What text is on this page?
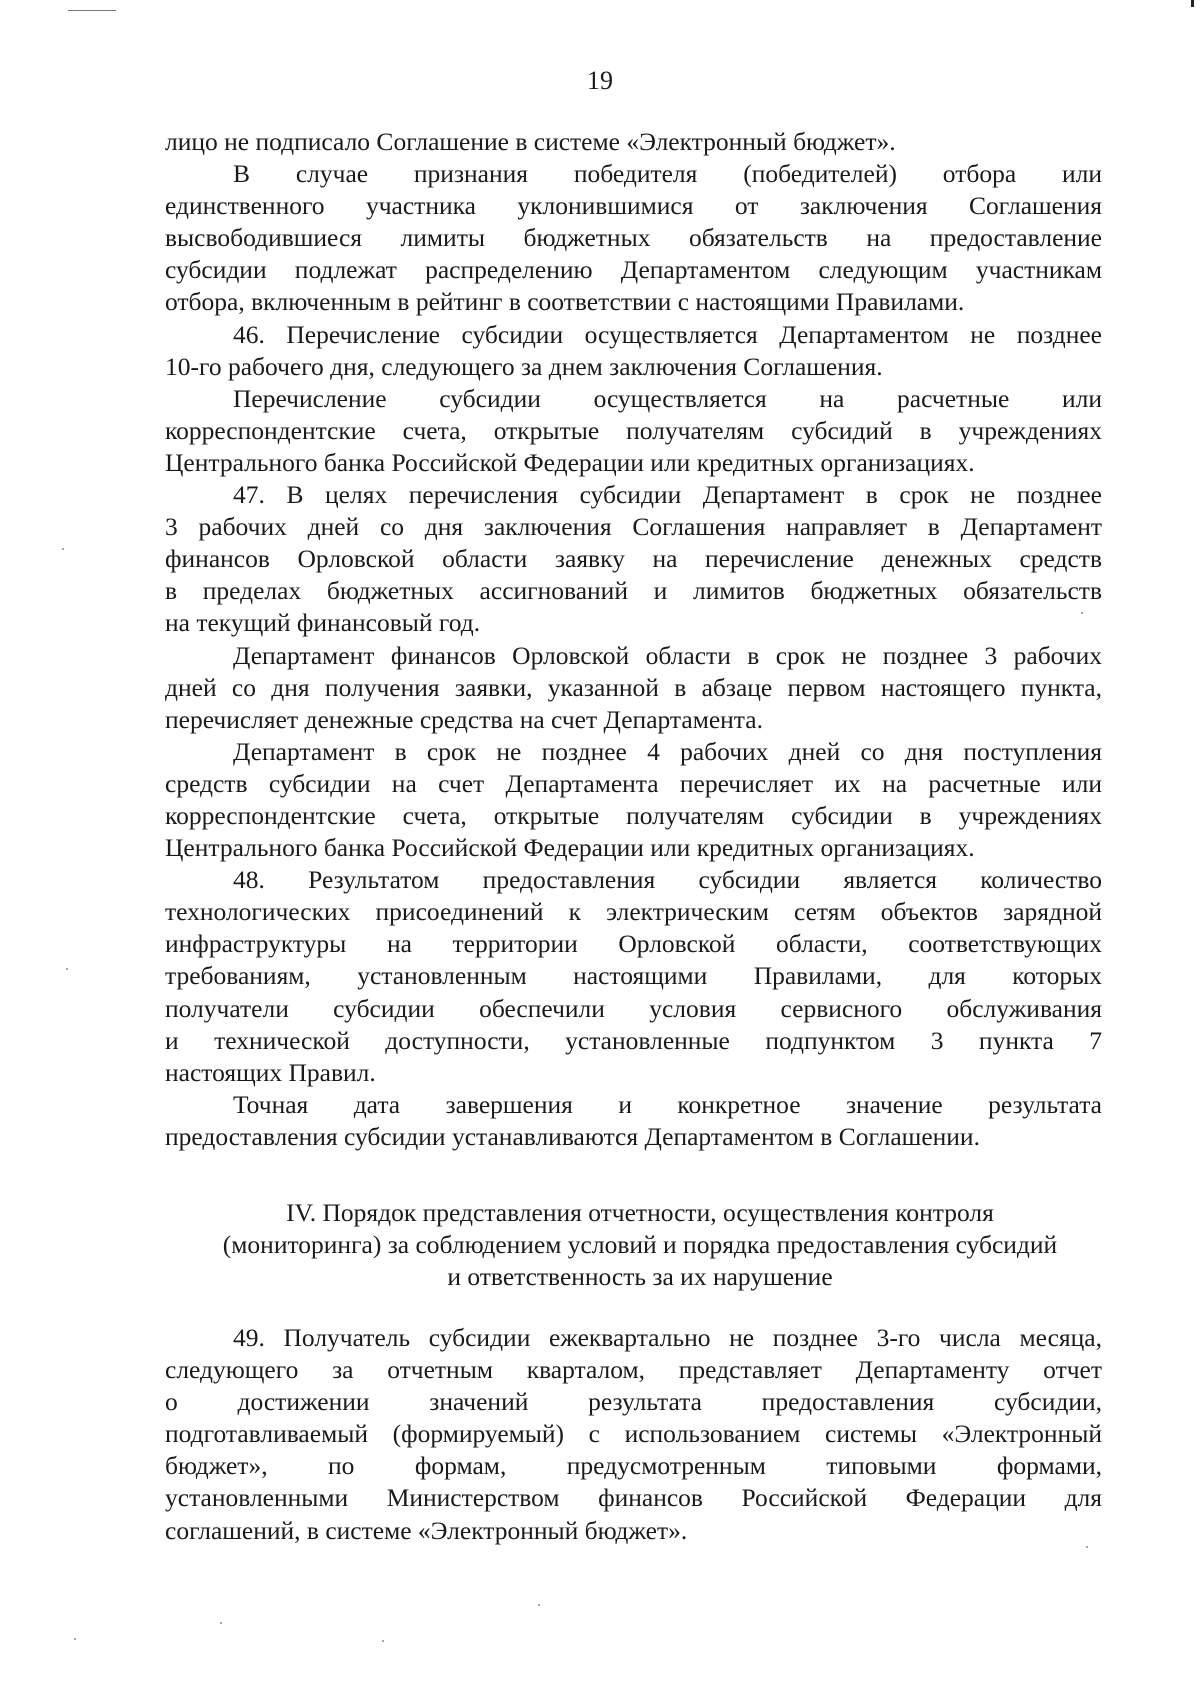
19
лицо не подписало Соглашение в системе «Электронный бюджет».
В случае признания победителя (победителей) отбора или
единственного участника уклонившимися от заключения Соглашения
высвободившиеся лимиты бюджетных обязательств на предоставление
субсидии подлежат распределению Департаментом следующим участникам
отбора, включенным в рейтинг в соответствии с настоящими Правилами.
46. Перечисление субсидии осуществляется Департаментом не позднее
10-го рабочего дня, следующего за днем заключения Соглашения.
Перечисление субсидии осуществляется на расчетные или
корреспондентские счета, открытые получателям субсидий в учреждениях
Центрального банка Российской Федерации или кредитных организациях.
47. В целях перечисления субсидии Департамент в срок не позднее
3 рабочих дней со дня заключения Соглашения направляет в Департамент
финансов Орловской области заявку на перечисление денежных средств
в пределах бюджетных ассигнований и лимитов бюджетных обязательств
на текущий финансовый год.
Департамент финансов Орловской области в срок не позднее 3 рабочих
дней со дня получения заявки, указанной в абзаце первом настоящего пункта,
перечисляет денежные средства на счет Департамента.
Департамент в срок не позднее 4 рабочих дней со дня поступления
средств субсидии на счет Департамента перечисляет их на расчетные или
корреспондентские счета, открытые получателям субсидии в учреждениях
Центрального банка Российской Федерации или кредитных организациях.
48. Результатом предоставления субсидии является количество
технологических присоединений к электрическим сетям объектов зарядной
инфраструктуры на территории Орловской области, соответствующих
требованиям, установленным настоящими Правилами, для которых
получатели субсидии обеспечили условия сервисного обслуживания
и технической доступности, установленные подпунктом 3 пункта 7
настоящих Правил.
Точная дата завершения и конкретное значение результата
предоставления субсидии устанавливаются Департаментом в Соглашении.
IV. Порядок представления отчетности, осуществления контроля
(мониторинга) за соблюдением условий и порядка предоставления субсидий
и ответственность за их нарушение
49. Получатель субсидии ежеквартально не позднее 3-го числа месяца,
следующего за отчетным кварталом, представляет Департаменту отчет
о достижении значений результата предоставления субсидии,
подготавливаемый (формируемый) с использованием системы «Электронный
бюджет», по формам, предусмотренным типовыми формами,
установленными Министерством финансов Российской Федерации для
соглашений, в системе «Электронный бюджет».
